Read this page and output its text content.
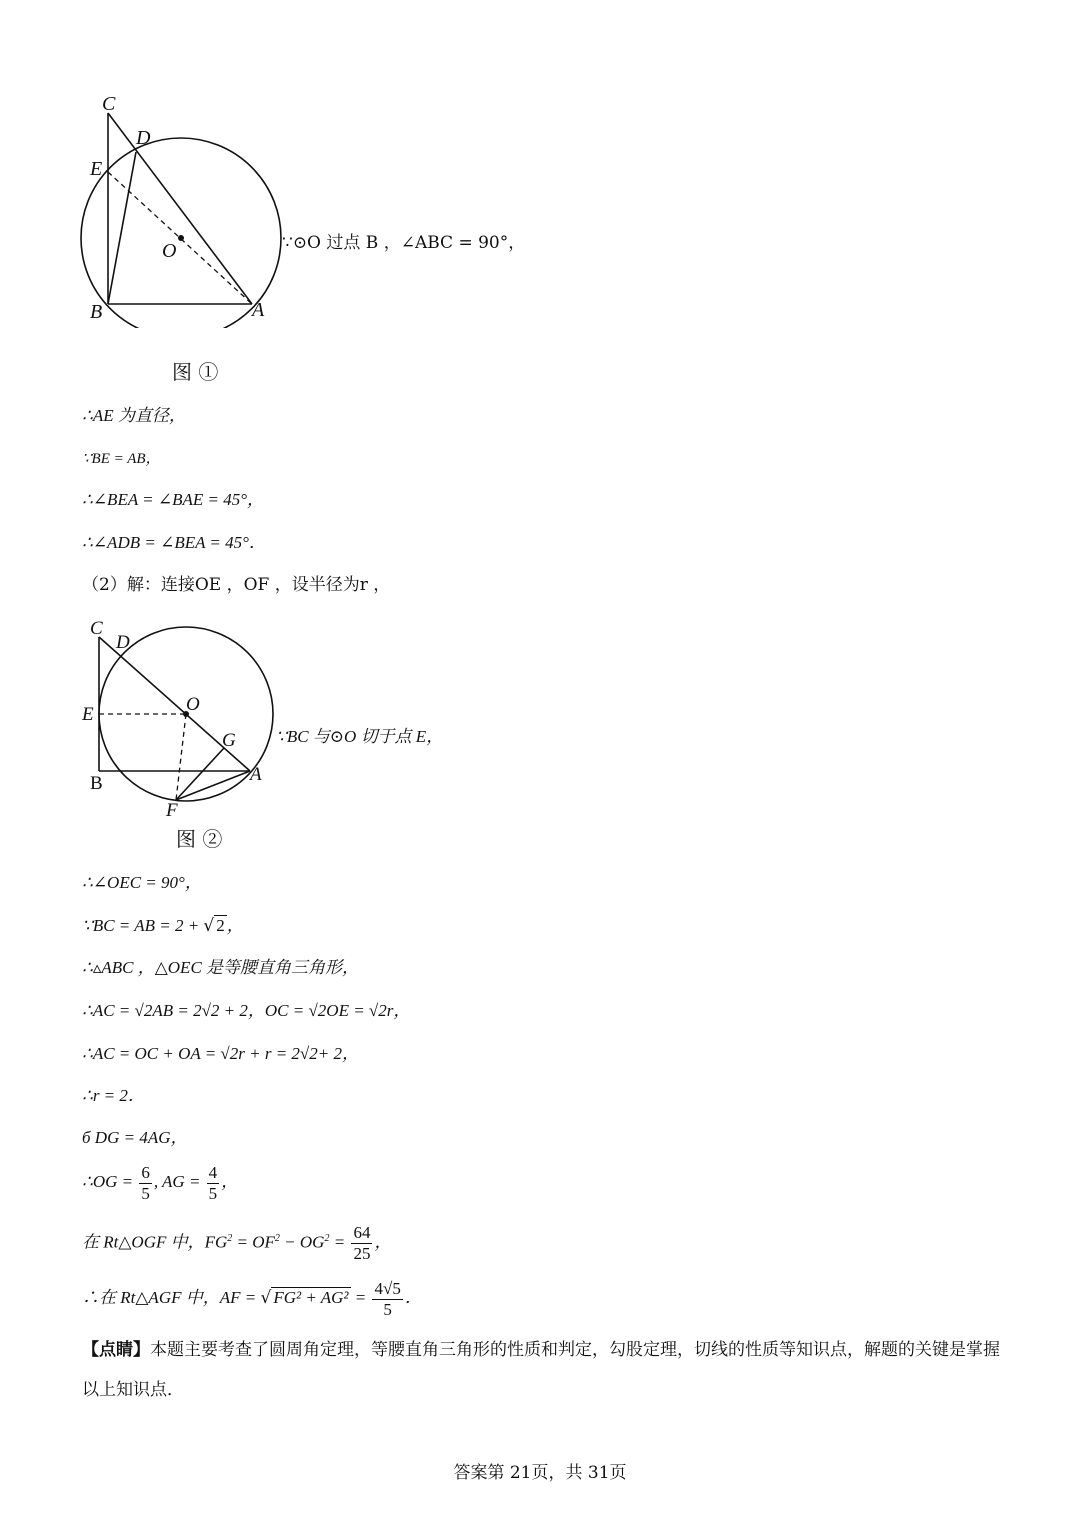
C
D
E
O
B	A
图 ①
∵⊙O 过点 B ，∠ABC = 90°，
∴AE 为直径，
∵BE = AB，
∴∠BEA = ∠BAE = 45°，
∴∠ADB = ∠BEA = 45°．
（2）解：连接OE ，OF ，设半径为r ，
C
D
O
E
G
B	A
F
图 ②
∵BC 与⊙O 切于点 E，
∴∠OEC = 90°，
∵BC = AB = 2 + √ 2 ，
∴▵ABC ，△OEC 是等腰直角三角形，
∴AC = √2AB = 2√2 + 2，OC = √2OE = √2r，
∴AC = OC + OA = √2r + r = 2√2+ 2，
∴r = 2．
б DG = 4AG，
∴OG = $\frac{6}{5}$ , AG = $\frac{4}{5}$ ，
在 Rt△OGF 中，$FG^2 = OF^2 - OG^2 = \frac{64}{25}$ ，
∴在 Rt△AGF 中，AF = √ $FG^2 + AG^2 = \frac{4√5}{5}$ ．
【点睛】本题主要考查了圆周角定理，等腰直角三角形的性质和判定，勾股定理，切线的性质等知识点，解题的关键是掌握以上知识点．
答案第 21页，共 31页
